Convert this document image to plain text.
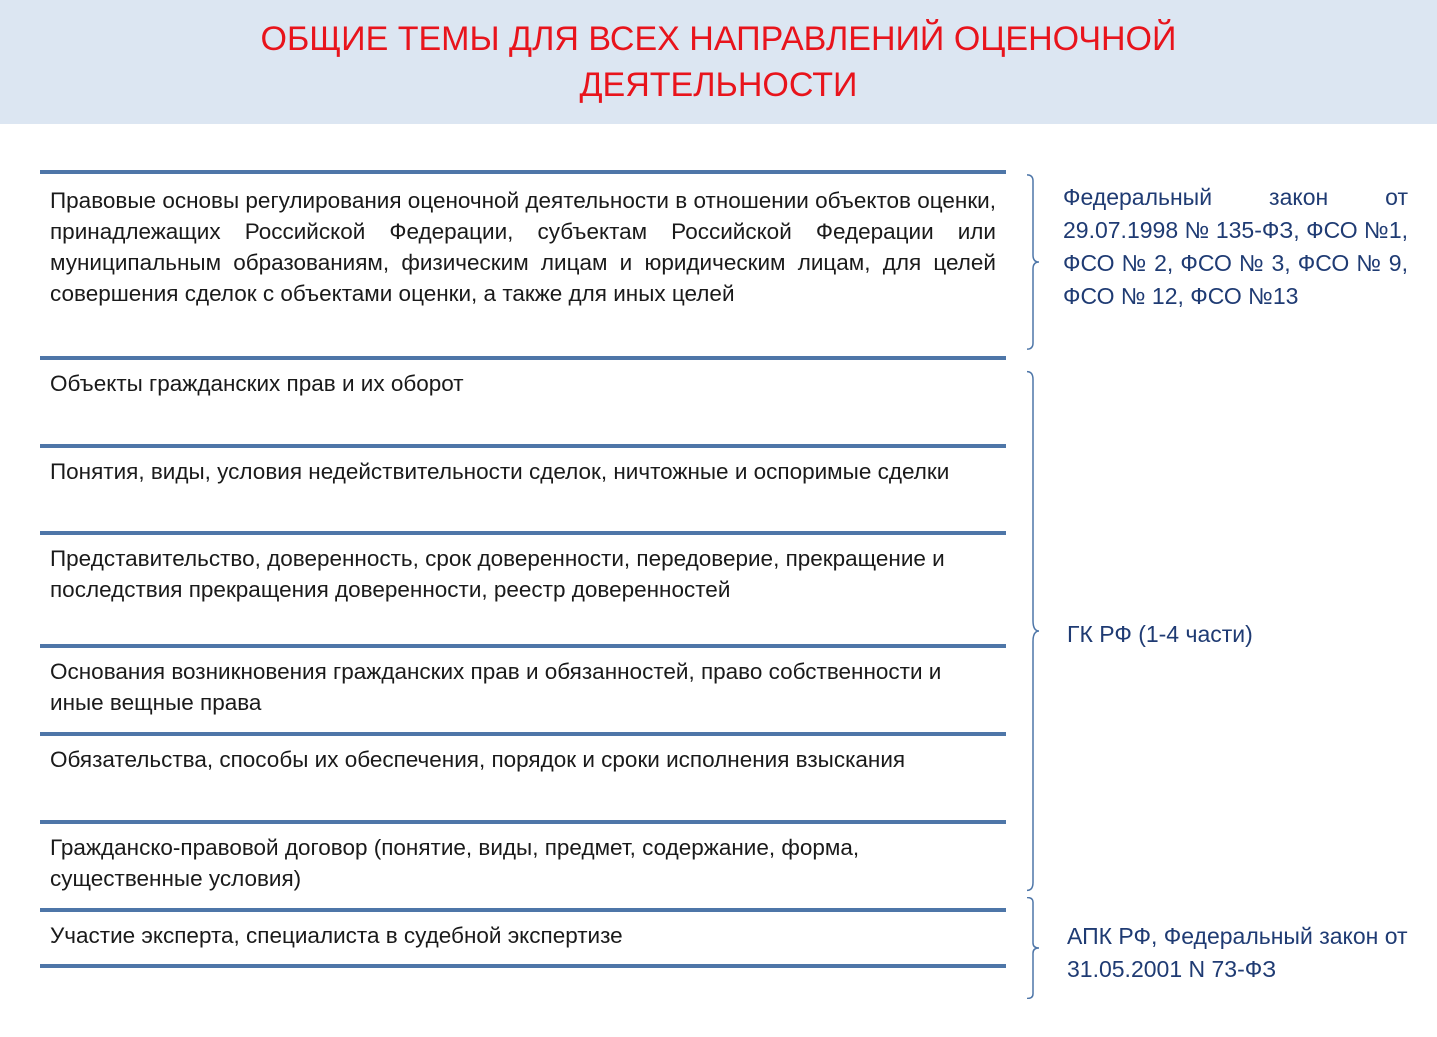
ОБЩИЕ ТЕМЫ ДЛЯ ВСЕХ НАПРАВЛЕНИЙ ОЦЕНОЧНОЙ
ДЕЯТЕЛЬНОСТИ
Правовые основы регулирования оценочной деятельности в отношении объектов оценки, принадлежащих Российской Федерации, субъектам Российской Федерации или муниципальным образованиям, физическим лицам и юридическим лицам, для целей совершения сделок с объектами оценки, а также для иных целей
Объекты гражданских прав и их оборот
Понятия, виды, условия недействительности сделок, ничтожные и оспоримые сделки
Представительство, доверенность, срок доверенности, передоверие, прекращение и последствия прекращения доверенности, реестр доверенностей
Основания возникновения гражданских прав и обязанностей, право собственности и иные вещные права
Обязательства, способы их обеспечения, порядок и сроки исполнения взыскания
Гражданско-правовой договор (понятие, виды, предмет, содержание, форма, существенные условия)
Участие эксперта, специалиста в судебной экспертизе
Федеральный закон от 29.07.1998 № 135-ФЗ, ФСО №1, ФСО № 2, ФСО № 3, ФСО № 9, ФСО № 12, ФСО №13
ГК РФ (1-4 части)
АПК РФ, Федеральный закон от 31.05.2001 N 73-ФЗ
